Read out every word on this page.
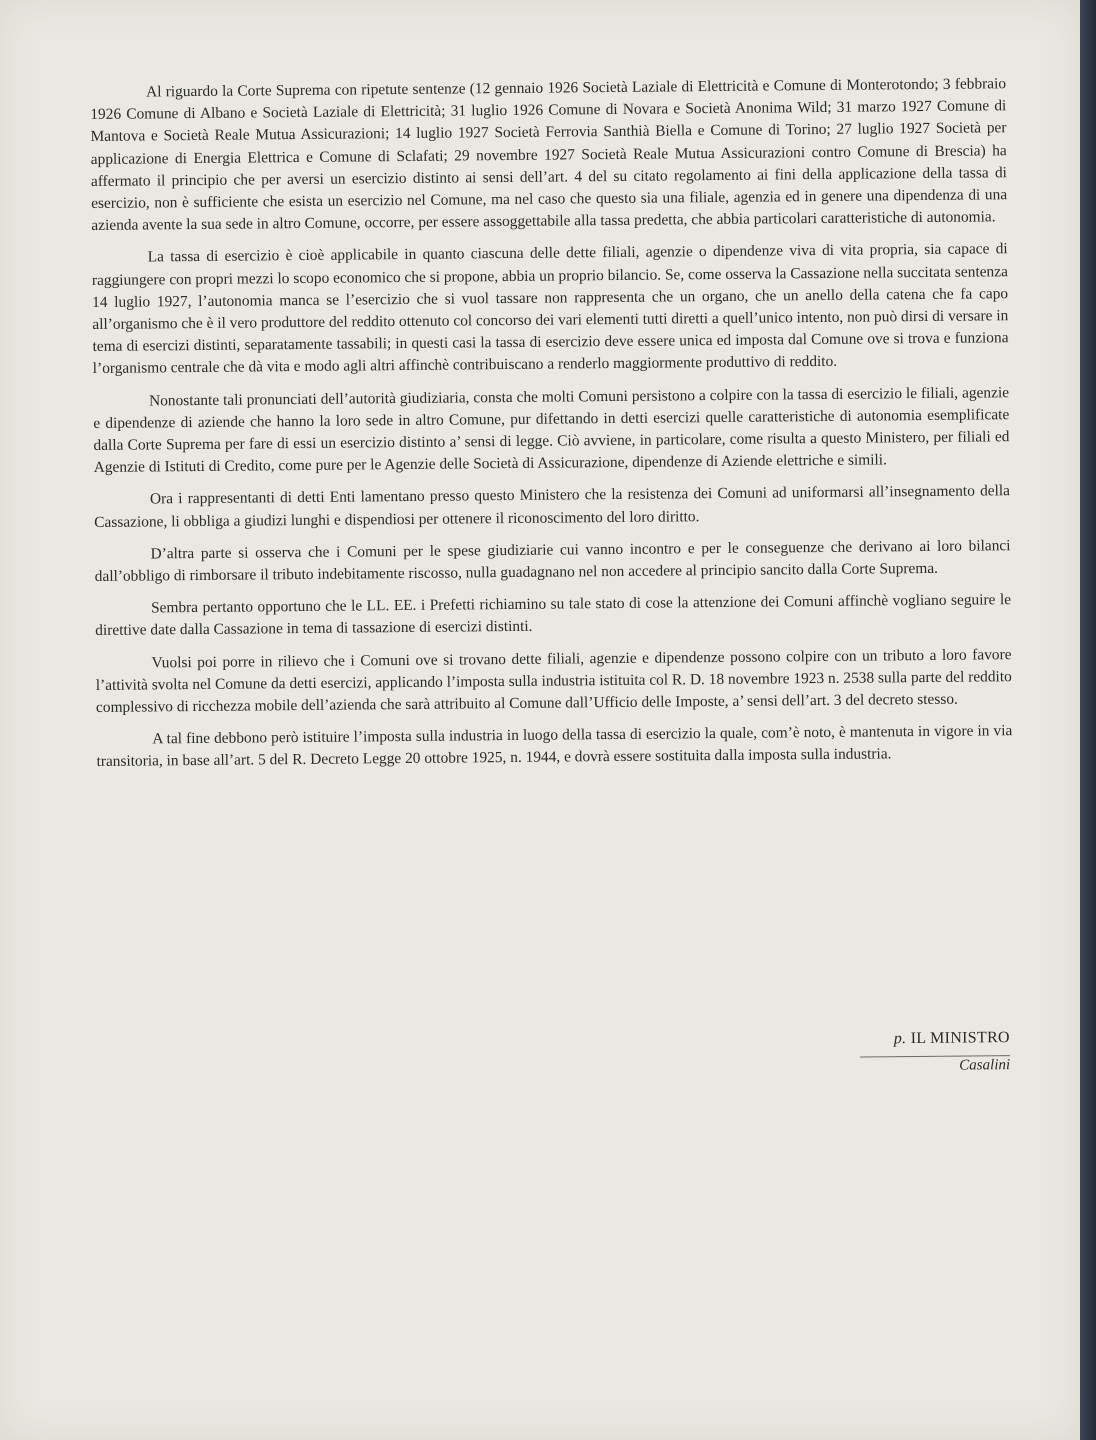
Al riguardo la Corte Suprema con ripetute sentenze (12 gennaio 1926 Società Laziale di Elettricità e Comune di Monterotondo; 3 febbraio 1926 Comune di Albano e Società Laziale di Elettricità; 31 luglio 1926 Comune di Novara e Società Anonima Wild; 31 marzo 1927 Comune di Mantova e Società Reale Mutua Assicurazioni; 14 luglio 1927 Società Ferrovia Santhià Biella e Comune di Torino; 27 luglio 1927 Società per applicazione di Energia Elettrica e Comune di Sclafati; 29 novembre 1927 Società Reale Mutua Assicurazioni contro Comune di Brescia) ha affermato il principio che per aversi un esercizio distinto ai sensi dell’art. 4 del su citato regolamento ai fini della applicazione della tassa di esercizio, non è sufficiente che esista un esercizio nel Comune, ma nel caso che questo sia una filiale, agenzia ed in genere una dipendenza di una azienda avente la sua sede in altro Comune, occorre, per essere assoggettabile alla tassa predetta, che abbia particolari caratteristiche di autonomia.

La tassa di esercizio è cioè applicabile in quanto ciascuna delle dette filiali, agenzie o dipendenze viva di vita propria, sia capace di raggiungere con propri mezzi lo scopo economico che si propone, abbia un proprio bilancio. Se, come osserva la Cassazione nella succitata sentenza 14 luglio 1927, l’autonomia manca se l’esercizio che si vuol tassare non rappresenta che un organo, che un anello della catena che fa capo all’organismo che è il vero produttore del reddito ottenuto col concorso dei vari elementi tutti diretti a quell’unico intento, non può dirsi di versare in tema di esercizi distinti, separatamente tassabili; in questi casi la tassa di esercizio deve essere unica ed imposta dal Comune ove si trova e funziona l’organismo centrale che dà vita e modo agli altri affinchè contribuiscano a renderlo maggiormente produttivo di reddito.

Nonostante tali pronunciati dell’autorità giudiziaria, consta che molti Comuni persistono a colpire con la tassa di esercizio le filiali, agenzie e dipendenze di aziende che hanno la loro sede in altro Comune, pur difettando in detti esercizi quelle caratteristiche di autonomia esemplificate dalla Corte Suprema per fare di essi un esercizio distinto a’ sensi di legge. Ciò avviene, in particolare, come risulta a questo Ministero, per filiali ed Agenzie di Istituti di Credito, come pure per le Agenzie delle Società di Assicurazione, dipendenze di Aziende elettriche e simili.

Ora i rappresentanti di detti Enti lamentano presso questo Ministero che la resistenza dei Comuni ad uniformarsi all’insegnamento della Cassazione, li obbliga a giudizi lunghi e dispendiosi per ottenere il riconoscimento del loro diritto.

D’altra parte si osserva che i Comuni per le spese giudiziarie cui vanno incontro e per le conseguenze che derivano ai loro bilanci dall’obbligo di rimborsare il tributo indebitamente riscosso, nulla guadagnano nel non accedere al principio sancito dalla Corte Suprema.

Sembra pertanto opportuno che le LL. EE. i Prefetti richiamino su tale stato di cose la attenzione dei Comuni affinchè vogliano seguire le direttive date dalla Cassazione in tema di tassazione di esercizi distinti.

Vuolsi poi porre in rilievo che i Comuni ove si trovano dette filiali, agenzie e dipendenze possono colpire con un tributo a loro favore l’attività svolta nel Comune da detti esercizi, applicando l’imposta sulla industria istituita col R. D. 18 novembre 1923 n. 2538 sulla parte del reddito complessivo di ricchezza mobile dell’azienda che sarà attribuito al Comune dall’Ufficio delle Imposte, a’ sensi dell’art. 3 del decreto stesso.

A tal fine debbono però istituire l’imposta sulla industria in luogo della tassa di esercizio la quale, com’è noto, è mantenuta in vigore in via transitoria, in base all’art. 5 del R. Decreto Legge 20 ottobre 1925, n. 1944, e dovrà essere sostituita dalla imposta sulla industria.

p. IL MINISTRO
Casalini
